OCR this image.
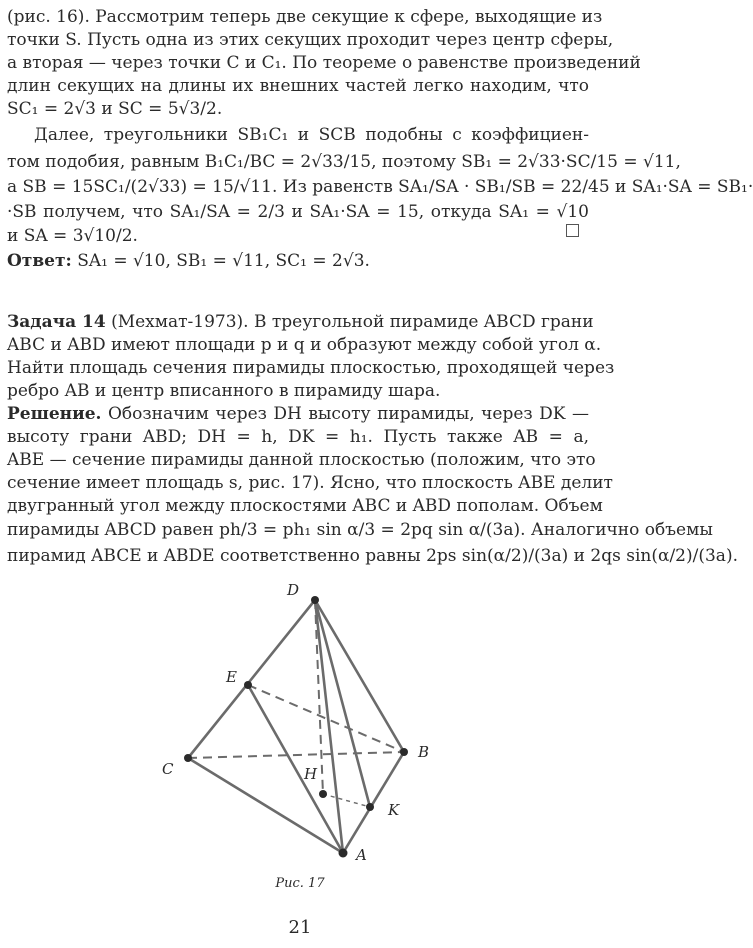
(рис. 16). Рассмотрим теперь две секущие к сфере, выходящие из
точки S. Пусть одна из этих секущих проходит через центр сферы,
а вторая — через точки C и C₁. По теореме о равенстве произведений
длин секущих на длины их внешних частей легко находим, что
SC₁ = 2√3 и SC = 5√3/2.
Далее, треугольники SB₁C₁ и SCB подобны с коэффициен-
том подобия, равным B₁C₁/BC = 2√33/15, поэтому SB₁ = 2√33·SC/15 = √11,
а SB = 15SC₁/(2√33) = 15/√11. Из равенств SA₁/SA · SB₁/SB = 22/45 и SA₁·SA = SB₁·
·SB получем, что SA₁/SA = 2/3 и SA₁·SA = 15, откуда SA₁ = √10
и SA = 3√10/2.
Ответ: SA₁ = √10, SB₁ = √11, SC₁ = 2√3.
Задача 14 (Мехмат-1973). В треугольной пирамиде ABCD грани
ABC и ABD имеют площади p и q и образуют между собой угол α.
Найти площадь сечения пирамиды плоскостью, проходящей через
ребро AB и центр вписанного в пирамиду шара.
Решение. Обозначим через DH высоту пирамиды, через DK —
высоту грани ABD; DH = h, DK = h₁. Пусть также AB = a,
ABE — сечение пирамиды данной плоскостью (положим, что это
сечение имеет площадь s, рис. 17). Ясно, что плоскость ABE делит
двугранный угол между плоскостями ABC и ABD пополам. Объем
пирамиды ABCD равен ph/3 = ph₁ sin α/3 = 2pq sin α/(3a). Аналогично объемы
пирамид ABCE и ABDE соответственно равны 2ps sin(α/2)/(3a) и 2qs sin(α/2)/(3a).
D
E
C
B
H
K
A
Рис. 17
21
